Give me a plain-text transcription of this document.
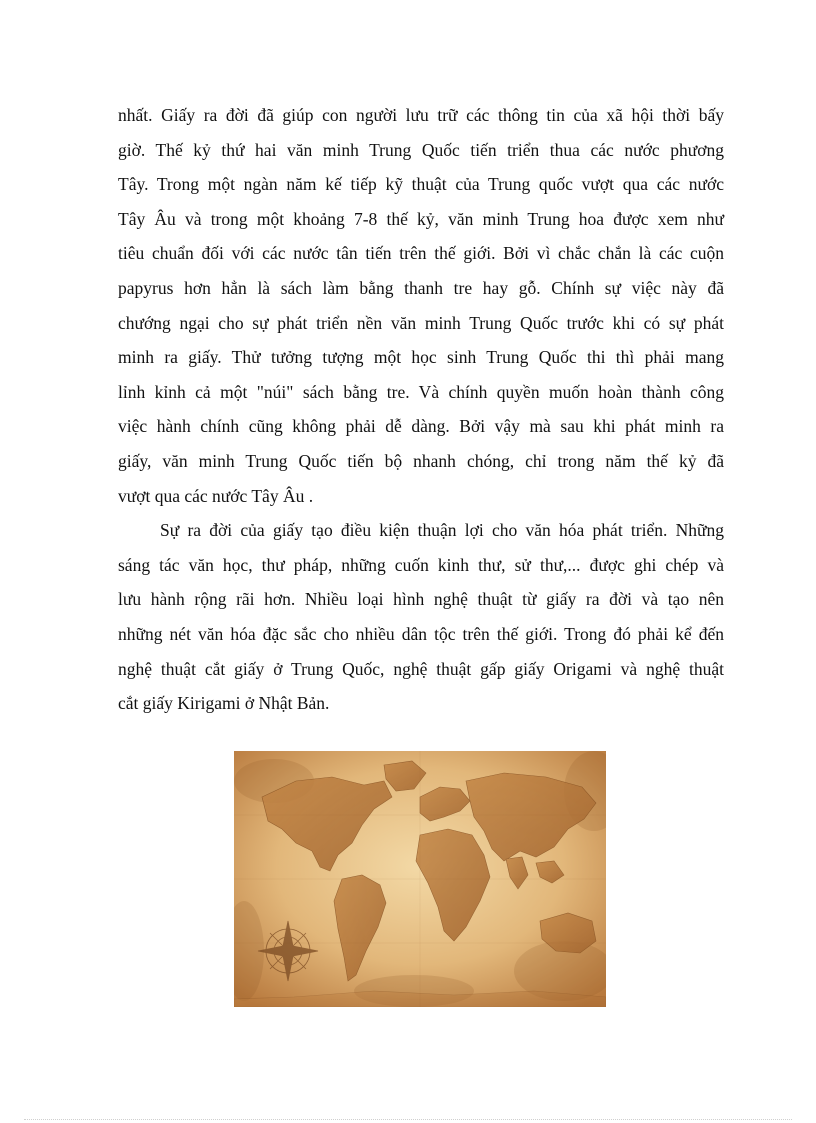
nhất. Giấy ra đời đã giúp con người lưu trữ các thông tin của xã hội thời bấy
giờ. Thế kỷ thứ hai văn minh Trung Quốc tiến triển thua các nước phương
Tây. Trong một ngàn năm kế tiếp kỹ thuật của Trung quốc vượt qua các nước
Tây Âu và trong một khoảng 7-8 thế kỷ, văn minh Trung hoa được xem như
tiêu chuẩn đối với các nước tân tiến trên thế giới. Bởi vì chắc chắn là các cuộn
papyrus hơn hẳn là sách làm bằng thanh tre hay gỗ. Chính sự việc này đã
chướng ngại cho sự phát triển nền văn minh Trung Quốc trước khi có sự phát
minh ra giấy. Thử tưởng tượng một học sinh Trung Quốc thi thì phải mang
lỉnh kỉnh cả một "núi" sách bằng tre. Và chính quyền muốn hoàn thành công
việc hành chính cũng không phải dễ dàng. Bởi vậy mà sau khi phát minh ra
giấy, văn minh Trung Quốc tiến bộ nhanh chóng, chỉ trong năm thế kỷ đã
vượt qua các nước Tây Âu .
Sự ra đời của giấy tạo điều kiện thuận lợi cho văn hóa phát triển. Những
sáng tác văn học, thư pháp, những cuốn kinh thư, sử thư,... được ghi chép và
lưu hành rộng rãi hơn. Nhiều loại hình nghệ thuật từ giấy ra đời và tạo nên
những nét văn hóa đặc sắc cho nhiều dân tộc trên thế giới. Trong đó phải kể đến
nghệ thuật cắt giấy ở Trung Quốc, nghệ thuật gấp giấy Origami và nghệ thuật
cắt giấy Kirigami ở Nhật Bản.
